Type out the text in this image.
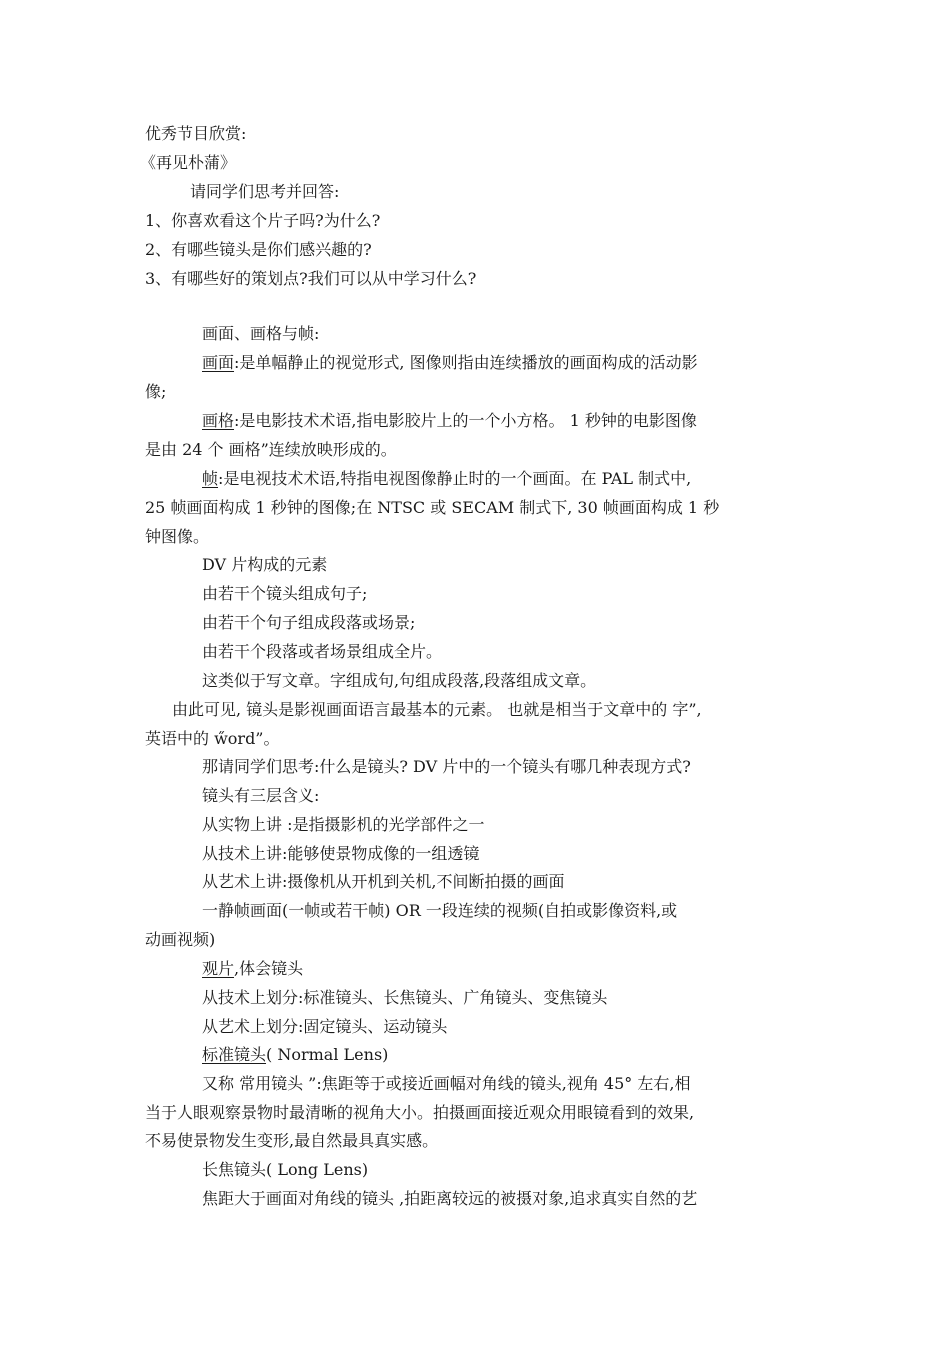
优秀节目欣赏:
《再见朴蒲》
请同学们思考并回答:
1、你喜欢看这个片子吗?为什么?
2、有哪些镜头是你们感兴趣的?
3、有哪些好的策划点?我们可以从中学习什么?
画面、画格与帧:
画面:是单幅静止的视觉形式, 图像则指由连续播放的画面构成的活动影
像;
画格:是电影技术术语,指电影胶片上的一个小方格。 1 秒钟的电影图像
是由 24 个 画格”连续放映形成的。
帧:是电视技术术语,特指电视图像静止时的一个画面。在 PAL 制式中,
25 帧画面构成 1 秒钟的图像;在 NTSC 或 SECAM 制式下, 30 帧画面构成 1 秒
钟图像。
DV 片构成的元素
由若干个镜头组成句子;
由若干个句子组成段落或场景;
由若干个段落或者场景组成全片。
这类似于写文章。字组成句,句组成段落,段落组成文章。
由此可见, 镜头是影视画面语言最基本的元素。 也就是相当于文章中的 字”,
英语中的 w̋ord”。
那请同学们思考:什么是镜头? DV 片中的一个镜头有哪几种表现方式?
镜头有三层含义:
从实物上讲 :是指摄影机的光学部件之一
从技术上讲:能够使景物成像的一组透镜
从艺术上讲:摄像机从开机到关机,不间断拍摄的画面
一静帧画面(一帧或若干帧) OR 一段连续的视频(自拍或影像资料,或
动画视频)
观片,体会镜头
从技术上划分:标准镜头、长焦镜头、广角镜头、变焦镜头
从艺术上划分:固定镜头、运动镜头
标准镜头( Normal Lens)
又称 常用镜头 ”:焦距等于或接近画幅对角线的镜头,视角 45° 左右,相
当于人眼观察景物时最清晰的视角大小。拍摄画面接近观众用眼镜看到的效果,
不易使景物发生变形,最自然最具真实感。
长焦镜头( Long Lens)
焦距大于画面对角线的镜头 ,拍距离较远的被摄对象,追求真实自然的艺
